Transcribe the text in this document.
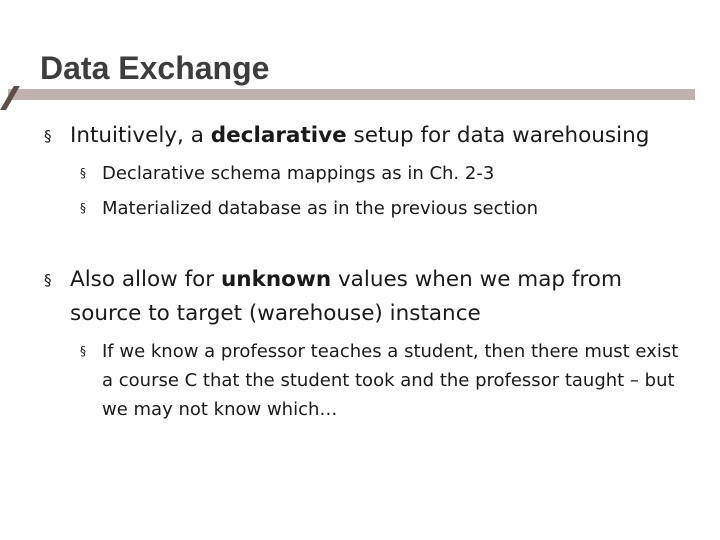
Data Exchange

§ Intuitively, a declarative setup for data warehousing

§ Declarative schema mappings as in Ch. 2-3

§ Materialized database as in the previous section

§ Also allow for unknown values when we map from source to target (warehouse) instance

§ If we know a professor teaches a student, then there must exist a course C that the student took and the professor taught – but we may not know which…
